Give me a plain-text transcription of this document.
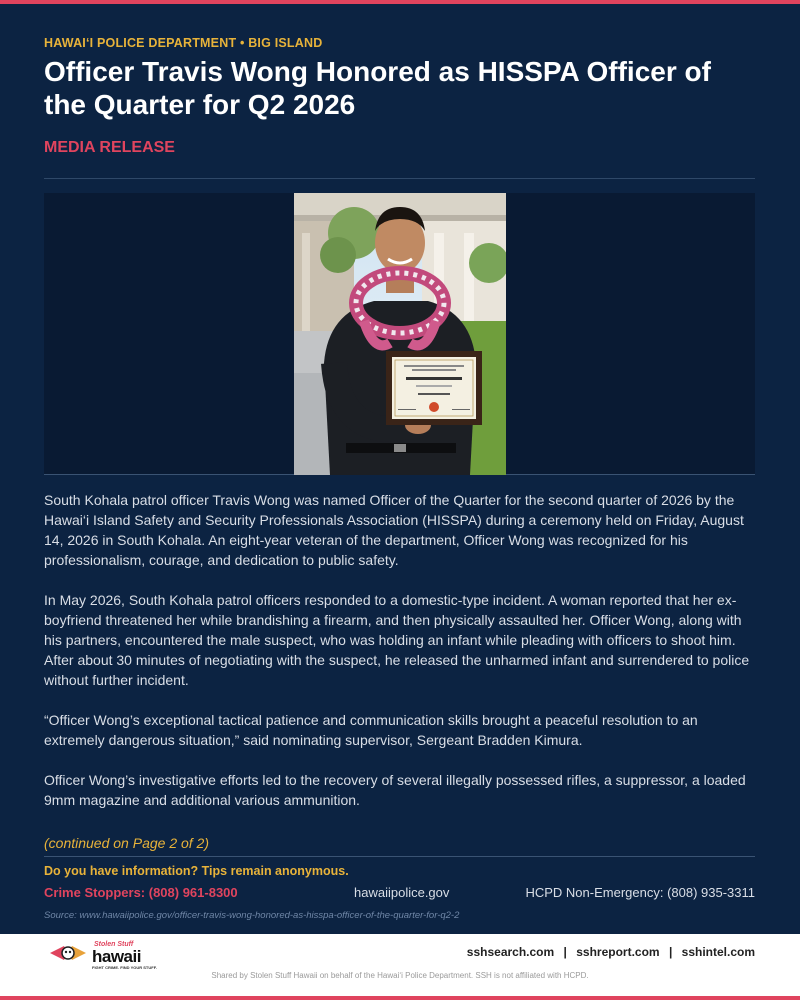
HAWAI‘I POLICE DEPARTMENT • BIG ISLAND
Officer Travis Wong Honored as HISSPA Officer of the Quarter for Q2 2026
MEDIA RELEASE

South Kohala patrol officer Travis Wong was named Officer of the Quarter for the second quarter of 2026 by the Hawai‘i Island Safety and Security Professionals Association (HISSPA) during a ceremony held on Friday, August 14, 2026 in South Kohala. An eight-year veteran of the department, Officer Wong was recognized for his professionalism, courage, and dedication to public safety.

In May 2026, South Kohala patrol officers responded to a domestic-type incident. A woman reported that her ex-boyfriend threatened her while brandishing a firearm, and then physically assaulted her. Officer Wong, along with his partners, encountered the male suspect, who was holding an infant while pleading with officers to shoot him. After about 30 minutes of negotiating with the suspect, he released the unharmed infant and surrendered to police without further incident.

“Officer Wong’s exceptional tactical patience and communication skills brought a peaceful resolution to an extremely dangerous situation,” said nominating supervisor, Sergeant Bradden Kimura.

Officer Wong’s investigative efforts led to the recovery of several illegally possessed rifles, a suppressor, a loaded 9mm magazine and additional various ammunition.

(continued on Page 2 of 2)
Do you have information? Tips remain anonymous.
Crime Stoppers: (808) 961-8300	hawaiipolice.gov	HCPD Non-Emergency: (808) 935-3311
Source: www.hawaiipolice.gov/officer-travis-wong-honored-as-hisspa-officer-of-the-quarter-for-q2-2
Stolen Stuff
hawaii
FIGHT CRIME. FIND YOUR STUFF.
sshsearch.com | sshreport.com | sshintel.com
Shared by Stolen Stuff Hawaii on behalf of the Hawai‘i Police Department. SSH is not affiliated with HCPD.
